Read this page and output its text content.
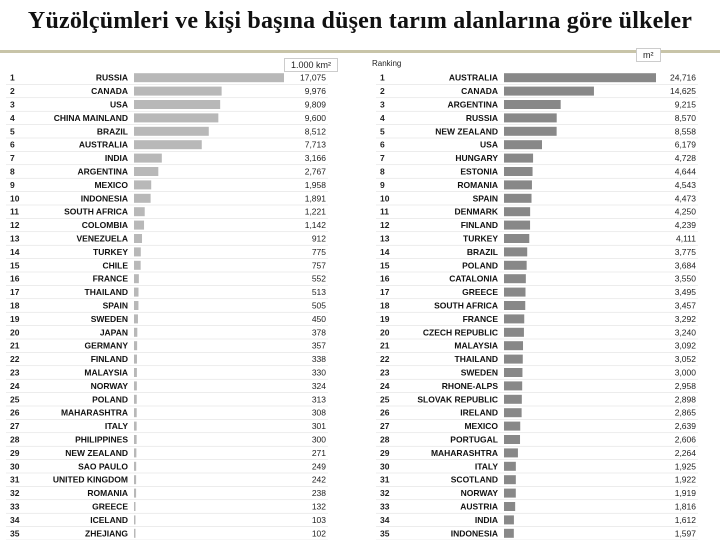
Yüzölçümleri ve kişi başına düşen tarım alanlarına göre ülkeler
1.000 km²
1	RUSSIA	17,075
2	CANADA	9,976
3	USA	9,809
4	CHINA MAINLAND	9,600
5	BRAZIL	8,512
6	AUSTRALIA	7,713
7	INDIA	3,166
8	ARGENTINA	2,767
9	MEXICO	1,958
10	INDONESIA	1,891
11	SOUTH AFRICA	1,221
12	COLOMBIA	1,142
13	VENEZUELA	912
14	TURKEY	775
15	CHILE	757
16	FRANCE	552
17	THAILAND	513
18	SPAIN	505
19	SWEDEN	450
20	JAPAN	378
21	GERMANY	357
22	FINLAND	338
23	MALAYSIA	330
24	NORWAY	324
25	POLAND	313
26	MAHARASHTRA	308
27	ITALY	301
28	PHILIPPINES	300
29	NEW ZEALAND	271
30	SAO PAULO	249
31	UNITED KINGDOM	242
32	ROMANIA	238
33	GREECE	132
34	ICELAND	103
35	ZHEJIANG	102
Ranking
m²
1	AUSTRALIA	24,716
2	CANADA	14,625
3	ARGENTINA	9,215
4	RUSSIA	8,570
5	NEW ZEALAND	8,558
6	USA	6,179
7	HUNGARY	4,728
8	ESTONIA	4,644
9	ROMANIA	4,543
10	SPAIN	4,473
11	DENMARK	4,250
12	FINLAND	4,239
13	TURKEY	4,111
14	BRAZIL	3,775
15	POLAND	3,684
16	CATALONIA	3,550
17	GREECE	3,495
18	SOUTH AFRICA	3,457
19	FRANCE	3,292
20	CZECH REPUBLIC	3,240
21	MALAYSIA	3,092
22	THAILAND	3,052
23	SWEDEN	3,000
24	RHONE-ALPS	2,958
25	SLOVAK REPUBLIC	2,898
26	IRELAND	2,865
27	MEXICO	2,639
28	PORTUGAL	2,606
29	MAHARASHTRA	2,264
30	ITALY	1,925
31	SCOTLAND	1,922
32	NORWAY	1,919
33	AUSTRIA	1,816
34	INDIA	1,612
35	INDONESIA	1,597
